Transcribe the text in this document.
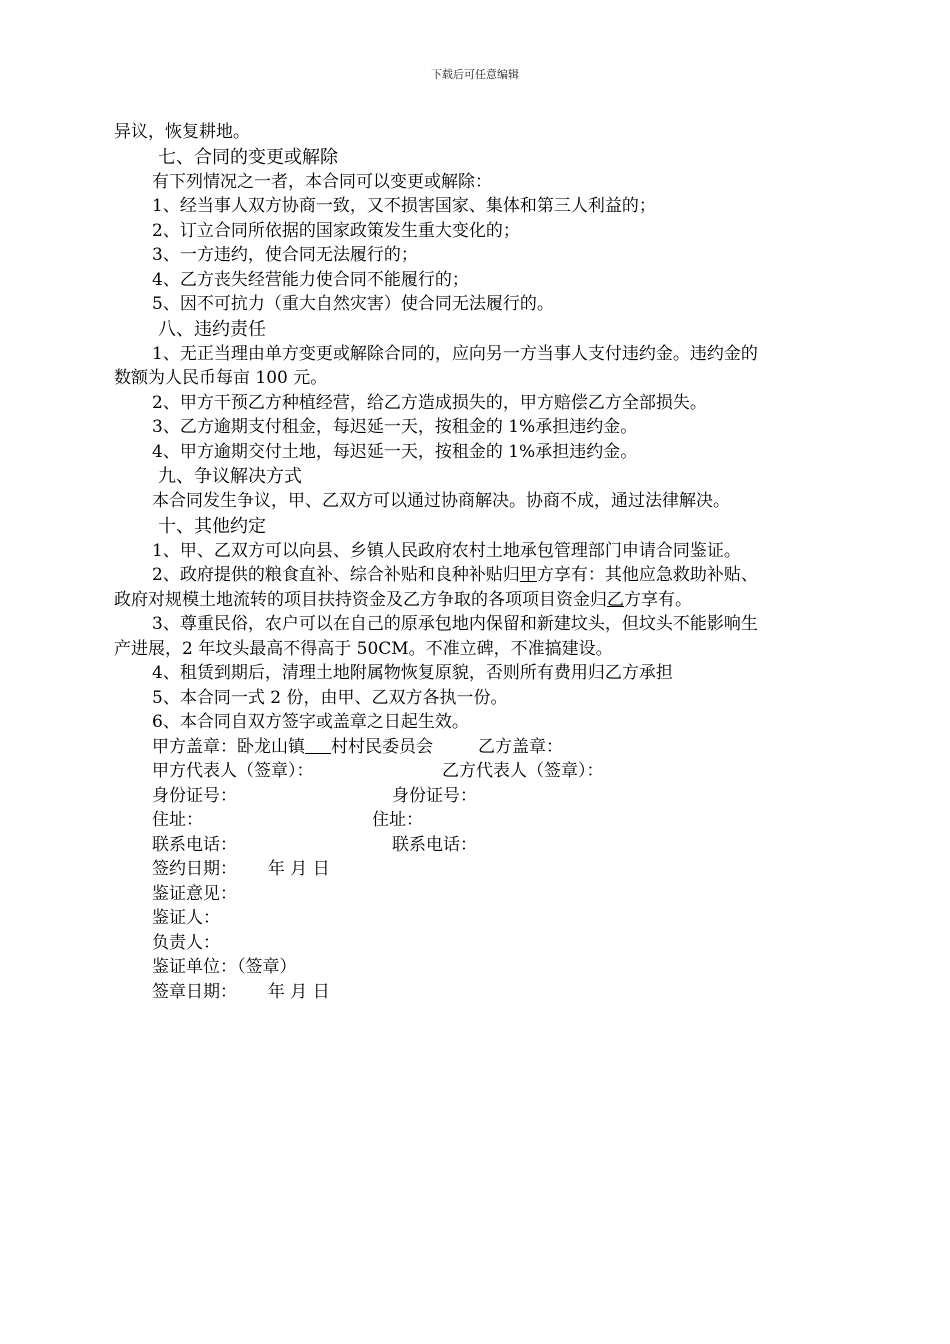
下载后可任意编辑

异议，恢复耕地。

七、合同的变更或解除

有下列情况之一者，本合同可以变更或解除：

1、经当事人双方协商一致，又不损害国家、集体和第三人利益的；

2、订立合同所依据的国家政策发生重大变化的；

3、一方违约，使合同无法履行的；

4、乙方丧失经营能力使合同不能履行的；

5、因不可抗力（重大自然灾害）使合同无法履行的。

八、违约责任

1、无正当理由单方变更或解除合同的，应向另一方当事人支付违约金。违约金的

数额为人民币每亩 100 元。

2、甲方干预乙方种植经营，给乙方造成损失的，甲方赔偿乙方全部损失。

3、乙方逾期支付租金，每迟延一天，按租金的 1%承担违约金。

4、甲方逾期交付土地，每迟延一天，按租金的 1%承担违约金。

九、争议解决方式

本合同发生争议，甲、乙双方可以通过协商解决。协商不成，通过法律解决。

十、其他约定

1、甲、乙双方可以向县、乡镇人民政府农村土地承包管理部门申请合同鉴证。

2、政府提供的粮食直补、综合补贴和良种补贴归甲方享有：其他应急救助补贴、

政府对规模土地流转的项目扶持资金及乙方争取的各项项目资金归乙方享有。

3、尊重民俗，农户可以在自己的原承包地内保留和新建坟头，但坟头不能影响生

产进展，2 年坟头最高不得高于 50CM。不准立碑，不准搞建设。

4、租赁到期后，清理土地附属物恢复原貌，否则所有费用归乙方承担

5、本合同一式 2 份，由甲、乙双方各执一份。

6、本合同自双方签字或盖章之日起生效。

甲方盖章：卧龙山镇 村村民委员会	乙方盖章：
甲方代表人（签章）：	乙方代表人（签章）：
身份证号：	身份证号：
住址：	住址：
联系电话：	联系电话：
签约日期：　　 年 月 日
鉴证意见：
鉴证人：
负责人：
鉴证单位：（签章）
签章日期：　　 年 月 日
